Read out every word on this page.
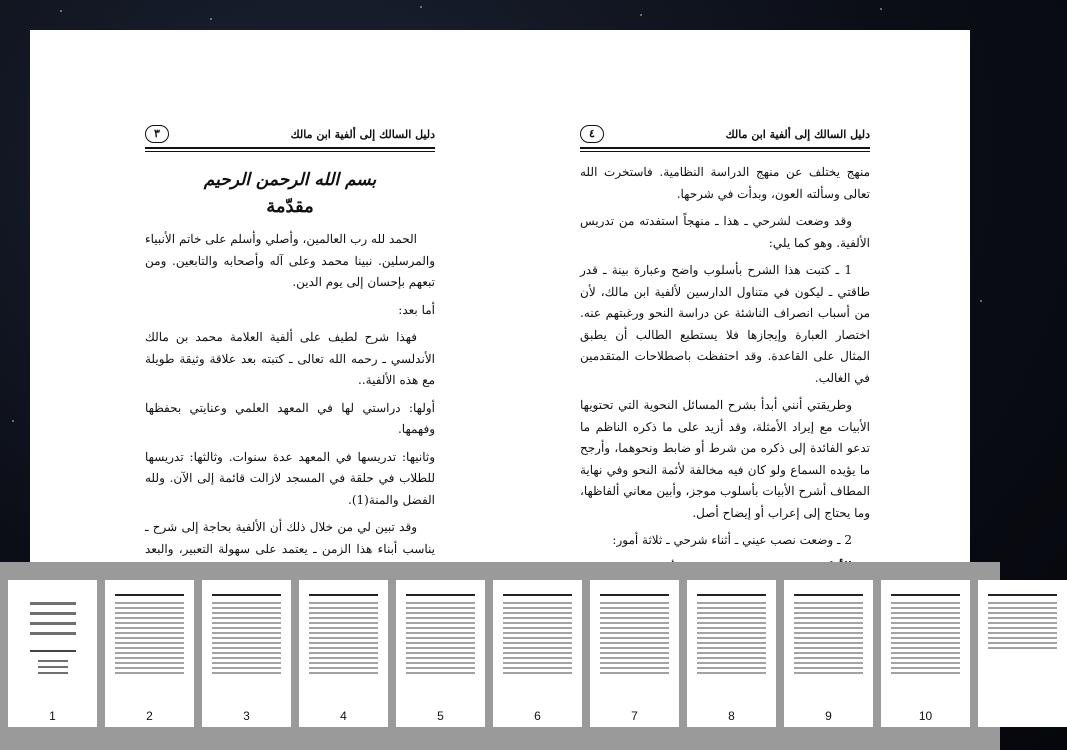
دليل السالك إلى ألفية ابن مالك
٣
بسم الله الرحمن الرحيم
مقدّمة

الحمد لله رب العالمين، وأصلي وأسلم على خاتم الأنبياء والمرسلين. نبينا محمد وعلى آله وأصحابه والتابعين. ومن تبعهم بإحسان إلى يوم الدين.

أما بعد:

فهذا شرح لطيف على ألفية العلامة محمد بن مالك الأندلسي ـ رحمه الله تعالى ـ كتبته بعد علاقة وثيقة طويلة مع هذه الألفية..

أولها: دراستي لها في المعهد العلمي وعنايتي بحفظها وفهمها.

وثانيها: تدريسها في المعهد عدة سنوات. وثالثها: تدريسها للطلاب في حلقة في المسجد لازالت قائمة إلى الآن. ولله الفضل والمنة(1).

وقد تبين لي من خلال ذلك أن الألفية بحاجة إلى شرح ـ يناسب أبناء هذا الزمن ـ يعتمد على سهولة التعبير، والبعد

دليل السالك إلى ألفية ابن مالك
٤

منهج يختلف عن منهج الدراسة النظامية. فاستخرت الله تعالى وسألته العون، وبدأت في شرحها.

وقد وضعت لشرحي ـ هذا ـ منهجاً استفدته من تدريس الألفية. وهو كما يلي:

1 ـ كتبت هذا الشرح بأسلوب واضح وعبارة بينة ـ قدر طاقتي ـ ليكون في متناول الدارسين لألفية ابن مالك، لأن من أسباب انصراف الناشئة عن دراسة النحو ورغبتهم عنه. اختصار العبارة وإيجازها فلا يستطيع الطالب أن يطبق المثال على القاعدة. وقد احتفظت باصطلاحات المتقدمين في الغالب.

وطريقتي أنني أبدأ بشرح المسائل النحوية التي تحتويها الأبيات مع إيراد الأمثلة، وقد أزيد على ما ذكره الناظم ما تدعو الفائدة إلى ذكره من شرط أو ضابط ونحوهما، وأرجح ما يؤيده السماع ولو كان فيه مخالفة لأئمة النحو وفي نهاية المطاف أشرح الأبيات بأسلوب موجز، وأبين معاني ألفاظها، وما يحتاج إلى إعراب أو إيضاح أصل.

2 ـ وضعت نصب عيني ـ أثناء شرحي ـ ثلاثة أمور:

1	2	3	4	5	6	7	8	9	10
